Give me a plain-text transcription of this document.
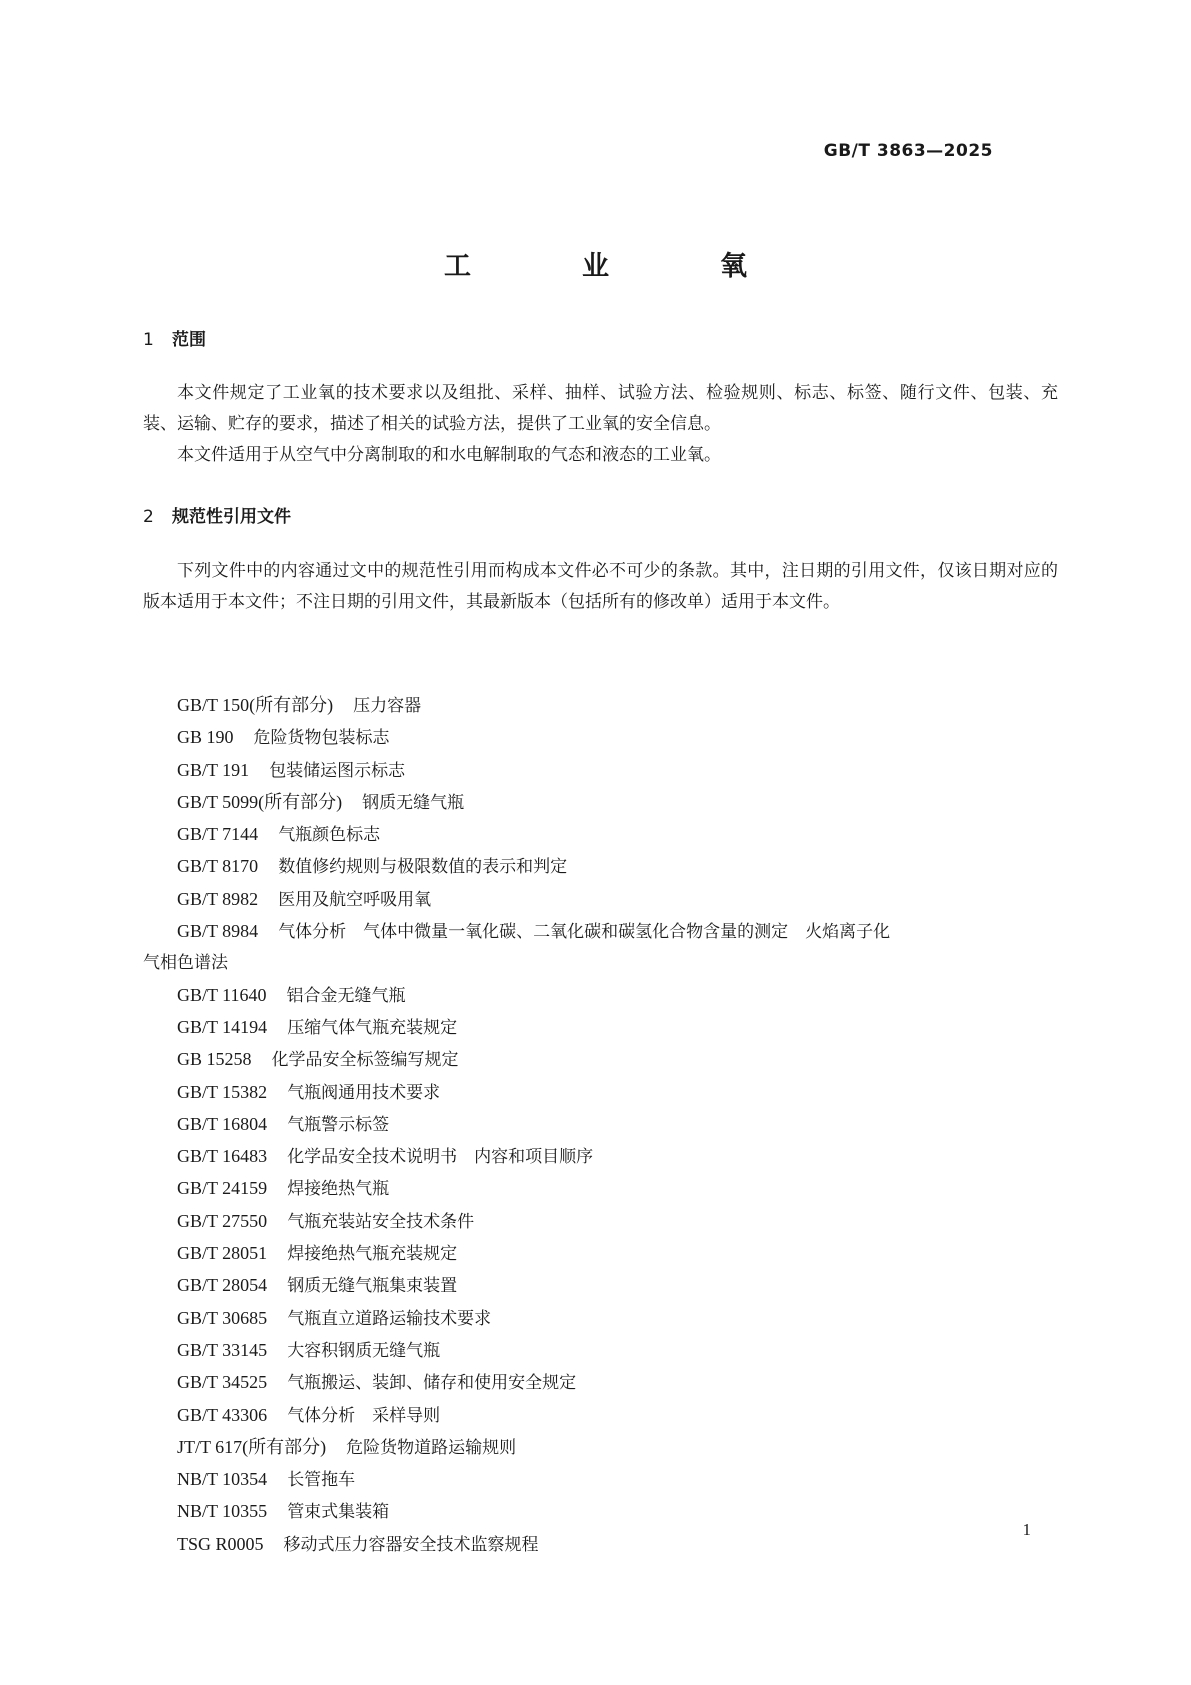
GB/T 3863—2025
工　业　氧
1 范围

本文件规定了工业氧的技术要求以及组批、采样、抽样、试验方法、检验规则、标志、标签、随行文件、包装、充装、运输、贮存的要求，描述了相关的试验方法，提供了工业氧的安全信息。

本文件适用于从空气中分离制取的和水电解制取的气态和液态的工业氧。

2 规范性引用文件

下列文件中的内容通过文中的规范性引用而构成本文件必不可少的条款。其中，注日期的引用文件，仅该日期对应的版本适用于本文件；不注日期的引用文件，其最新版本（包括所有的修改单）适用于本文件。

GB/T 150(所有部分) 压力容器
GB 190 危险货物包装标志
GB/T 191 包装储运图示标志
GB/T 5099(所有部分) 钢质无缝气瓶
GB/T 7144 气瓶颜色标志
GB/T 8170 数值修约规则与极限数值的表示和判定
GB/T 8982 医用及航空呼吸用氧
GB/T 8984 气体分析　气体中微量一氧化碳、二氧化碳和碳氢化合物含量的测定　火焰离子化
气相色谱法
GB/T 11640 铝合金无缝气瓶
GB/T 14194 压缩气体气瓶充装规定
GB 15258 化学品安全标签编写规定
GB/T 15382 气瓶阀通用技术要求
GB/T 16804 气瓶警示标签
GB/T 16483 化学品安全技术说明书　内容和项目顺序
GB/T 24159 焊接绝热气瓶
GB/T 27550 气瓶充装站安全技术条件
GB/T 28051 焊接绝热气瓶充装规定
GB/T 28054 钢质无缝气瓶集束装置
GB/T 30685 气瓶直立道路运输技术要求
GB/T 33145 大容积钢质无缝气瓶
GB/T 34525 气瓶搬运、装卸、储存和使用安全规定
GB/T 43306 气体分析　采样导则
JT/T 617(所有部分) 危险货物道路运输规则
NB/T 10354 长管拖车
NB/T 10355 管束式集装箱
TSG R0005 移动式压力容器安全技术监察规程
1
